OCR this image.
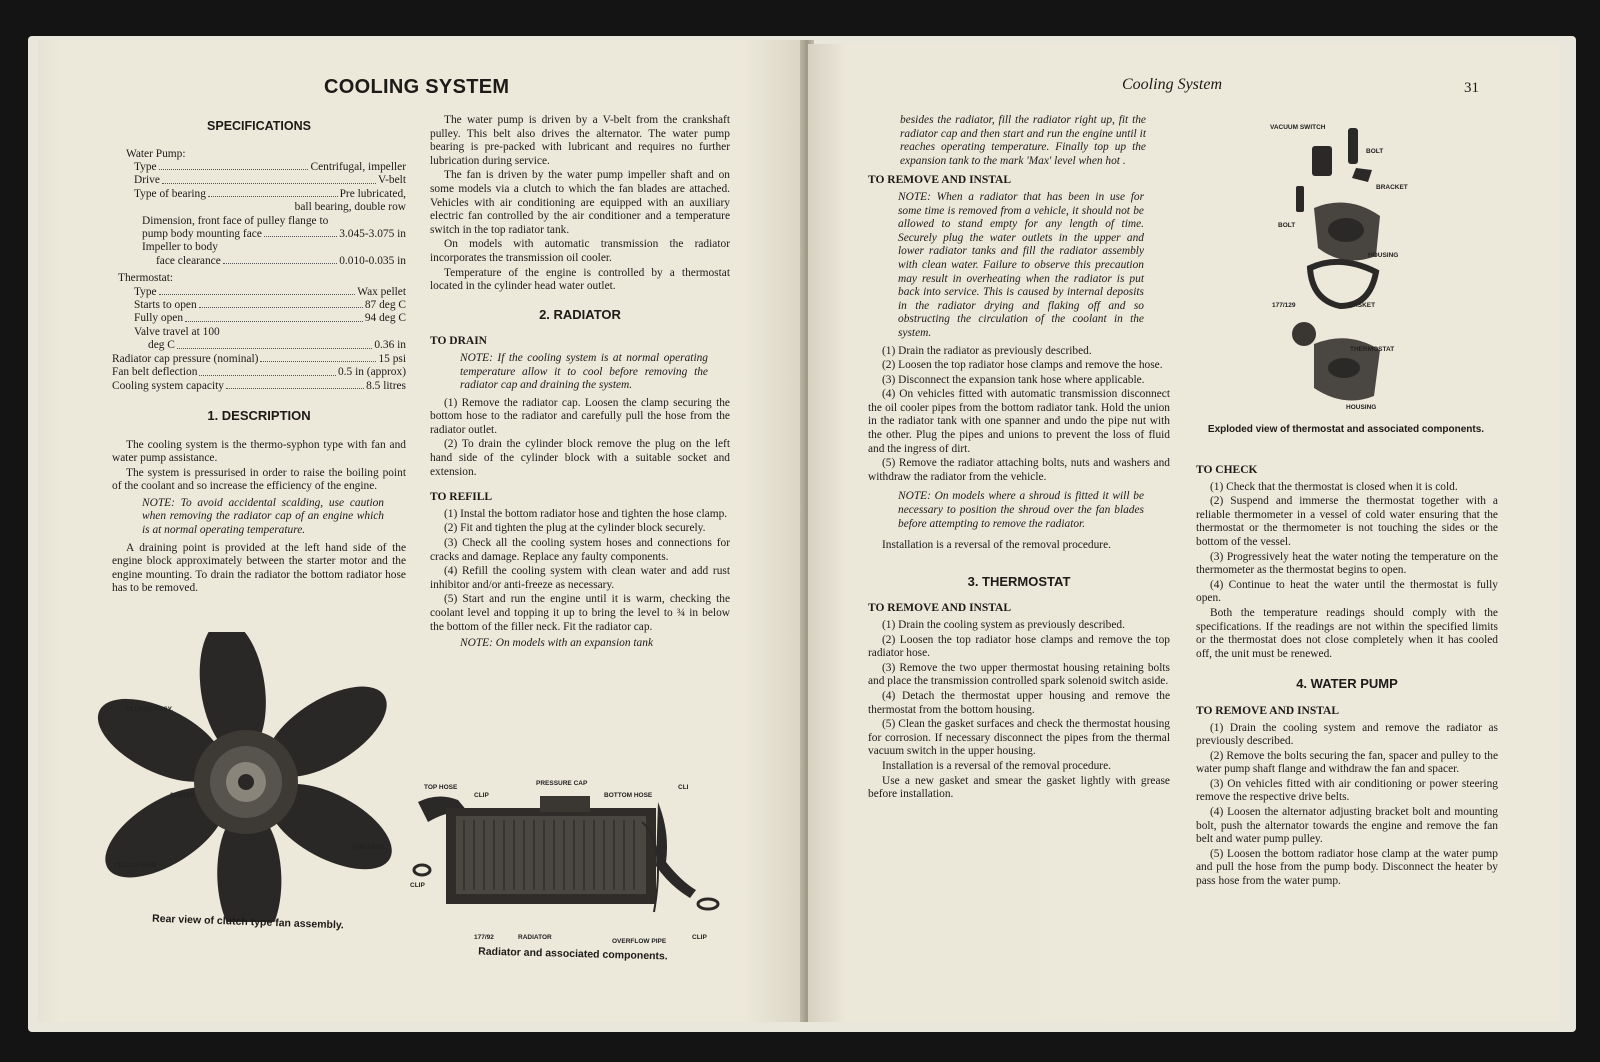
COOLING SYSTEM
SPECIFICATIONS
Water Pump:
Type	Centrifugal, impeller
Drive	V-belt
Type of bearing	Pre lubricated,
ball bearing, double row
Dimension, front face of pulley flange to
pump body mounting face	3.045-3.075 in
Impeller to body
face clearance	0.010-0.035 in
Thermostat:
Type	Wax pellet
Starts to open	87 deg C
Fully open	94 deg C
Valve travel at 100
deg C	0.36 in
Radiator cap pressure (nominal)	15 psi
Fan belt deflection	0.5 in (approx)
Cooling system capacity	8.5 litres
1. DESCRIPTION

The cooling system is the thermo-syphon type with fan and water pump assistance.

The system is pressurised in order to raise the boiling point of the coolant and so increase the efficiency of the engine.

NOTE: To avoid accidental scalding, use caution when removing the radiator cap of an engine which is at normal operating temperature.

A draining point is provided at the left hand side of the engine block approximately between the starter motor and the engine mounting. To drain the radiator the bottom radiator hose has to be removed.

The water pump is driven by a V-belt from the crankshaft pulley. This belt also drives the alternator. The water pump bearing is pre-packed with lubricant and requires no further lubrication during service.

The fan is driven by the water pump impeller shaft and on some models via a clutch to which the fan blades are attached. Vehicles with air conditioning are equipped with an auxiliary electric fan controlled by the air conditioner and a temperature switch in the top radiator tank.

On models with automatic transmission the radiator incorporates the transmission oil cooler.

Temperature of the engine is controlled by a thermostat located in the cylinder head water outlet.

2. RADIATOR
TO DRAIN

NOTE: If the cooling system is at normal operating temperature allow it to cool before removing the radiator cap and draining the system.

(1) Remove the radiator cap. Loosen the clamp securing the bottom hose to the radiator and carefully pull the hose from the radiator outlet.

(2) To drain the cylinder block remove the plug on the left hand side of the cylinder block with a suitable socket and extension.

TO REFILL

(1) Instal the bottom radiator hose and tighten the hose clamp.

(2) Fit and tighten the plug at the cylinder block securely.

(3) Check all the cooling system hoses and connections for cracks and damage. Replace any faulty components.

(4) Refill the cooling system with clean water and add rust inhibitor and/or anti-freeze as necessary.

(5) Start and run the engine until it is warm, checking the coolant level and topping it up to bring the level to ¾ in below the bottom of the filler neck. Fit the radiator cap.

NOTE: On models with an expansion tank

CLUTCH ASSY.
178/159
FAN ASSY.
CLUTCH HUB
Rear view of clutch type fan assembly.
TOP HOSE
CLIP
PRESSURE CAP
BOTTOM HOSE
CLI
CLIP
177/92	RADIATOR
OVERFLOW PIPE
CLIP
Radiator and associated components.
Cooling System	31

besides the radiator, fill the radiator right up, fit the radiator cap and then start and run the engine until it reaches operating temperature. Finally top up the expansion tank to the mark 'Max' level when hot .

TO REMOVE AND INSTAL

NOTE: When a radiator that has been in use for some time is removed from a vehicle, it should not be allowed to stand empty for any length of time. Securely plug the water outlets in the upper and lower radiator tanks and fill the radiator assembly with clean water. Failure to observe this precaution may result in overheating when the radiator is put back into service. This is caused by internal deposits in the radiator drying and flaking off and so obstructing the circulation of the coolant in the system.

(1) Drain the radiator as previously described.

(2) Loosen the top radiator hose clamps and remove the hose.

(3) Disconnect the expansion tank hose where applicable.

(4) On vehicles fitted with automatic transmission disconnect the oil cooler pipes from the bottom radiator tank. Hold the union in the radiator tank with one spanner and undo the pipe nut with the other. Plug the pipes and unions to prevent the loss of fluid and the ingress of dirt.

(5) Remove the radiator attaching bolts, nuts and washers and withdraw the radiator from the vehicle.

NOTE: On models where a shroud is fitted it will be necessary to position the shroud over the fan blades before attempting to remove the radiator.

Installation is a reversal of the removal procedure.

3. THERMOSTAT
TO REMOVE AND INSTAL

(1) Drain the cooling system as previously described.

(2) Loosen the top radiator hose clamps and remove the top radiator hose.

(3) Remove the two upper thermostat housing retaining bolts and place the transmission controlled spark solenoid switch aside.

(4) Detach the thermostat upper housing and remove the thermostat from the bottom housing.

(5) Clean the gasket surfaces and check the thermostat housing for corrosion. If necessary disconnect the pipes from the thermal vacuum switch in the upper housing.

Installation is a reversal of the removal procedure.

Use a new gasket and smear the gasket lightly with grease before installation.

VACUUM SWITCH
BOLT
BRACKET
BOLT
HOUSING
177/129	GASKET
THERMOSTAT
HOUSING
Exploded view of thermostat and associated components.
TO CHECK

(1) Check that the thermostat is closed when it is cold.

(2) Suspend and immerse the thermostat together with a reliable thermometer in a vessel of cold water ensuring that the thermostat or the thermometer is not touching the sides or the bottom of the vessel.

(3) Progressively heat the water noting the temperature on the thermometer as the thermostat begins to open.

(4) Continue to heat the water until the thermostat is fully open.

Both the temperature readings should comply with the specifications. If the readings are not within the specified limits or the thermostat does not close completely when it has cooled off, the unit must be renewed.

4. WATER PUMP
TO REMOVE AND INSTAL

(1) Drain the cooling system and remove the radiator as previously described.

(2) Remove the bolts securing the fan, spacer and pulley to the water pump shaft flange and withdraw the fan and spacer.

(3) On vehicles fitted with air conditioning or power steering remove the respective drive belts.

(4) Loosen the alternator adjusting bracket bolt and mounting bolt, push the alternator towards the engine and remove the fan belt and water pump pulley.

(5) Loosen the bottom radiator hose clamp at the water pump and pull the hose from the pump body. Disconnect the heater by pass hose from the water pump.
